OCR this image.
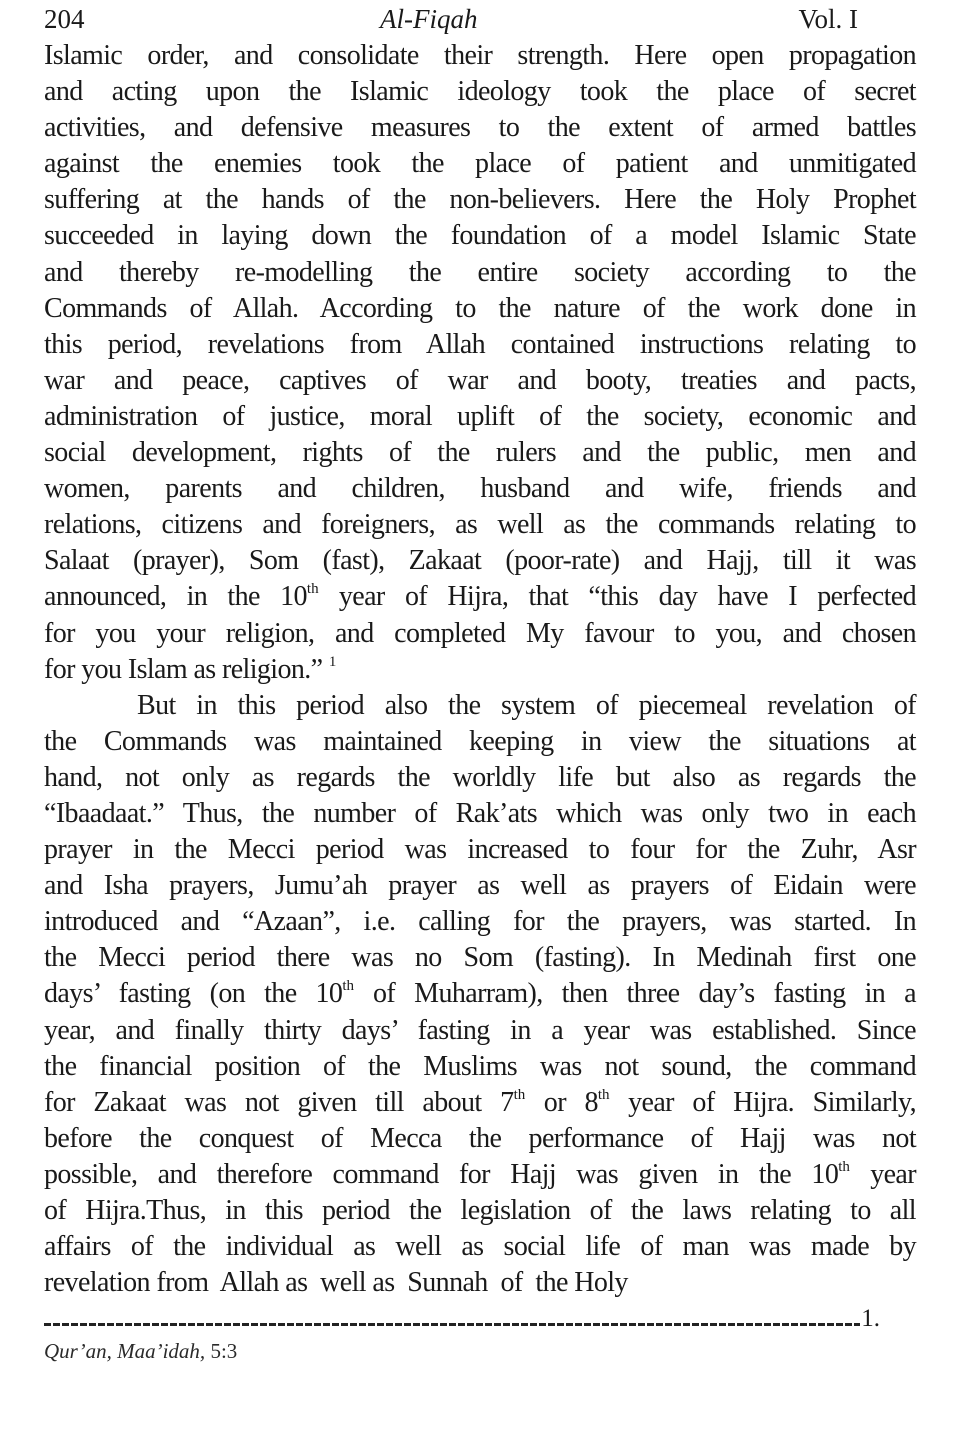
204	Al-Fiqah	Vol. I
Islamic order, and consolidate their strength. Here open propagation
and acting upon the Islamic ideology took the place of secret
activities, and defensive measures to the extent of armed battles
against the enemies took the place of patient and unmitigated
suffering at the hands of the non-believers. Here the Holy Prophet
succeeded in laying down the foundation of a model Islamic State
and thereby re-modelling the entire society according to the
Commands of Allah. According to the nature of the work done in
this period, revelations from Allah contained instructions relating to
war and peace, captives of war and booty, treaties and pacts,
administration of justice, moral uplift of the society, economic and
social development, rights of the rulers and the public, men and
women, parents and children, husband and wife, friends and
relations, citizens and foreigners, as well as the commands relating to
Salaat (prayer), Som (fast), Zakaat (poor-rate) and Hajj, till it was
announced, in the 10th year of Hijra, that “this day have I perfected
for you your religion, and completed My favour to you, and chosen
for you Islam as religion.” $^1$
But in this period also the system of piecemeal revelation of
the Commands was maintained keeping in view the situations at
hand, not only as regards the worldly life but also as regards the
“Ibaadaat.” Thus, the number of Rak’ats which was only two in each
prayer in the Mecci period was increased to four for the Zuhr, Asr
and Isha prayers, Jumu’ah prayer as well as prayers of Eidain were
introduced and “Azaan”, i.e. calling for the prayers, was started. In
the Mecci period there was no Som (fasting). In Medinah first one
days’ fasting (on the 10th of Muharram), then three day’s fasting in a
year, and finally thirty days’ fasting in a year was established. Since
the financial position of the Muslims was not sound, the command
for Zakaat was not given till about 7th or 8th year of Hijra. Similarly,
before the conquest of Mecca the performance of Hajj was not
possible, and therefore command for Hajj was given in the 10th year
of Hijra.Thus, in this period the legislation of the laws relating to all
affairs of the individual as well as social life of man was made by
revelation from  Allah as  well as  Sunnah  of  the Holy
1.
Qur’an, Maa’idah, 5:3
